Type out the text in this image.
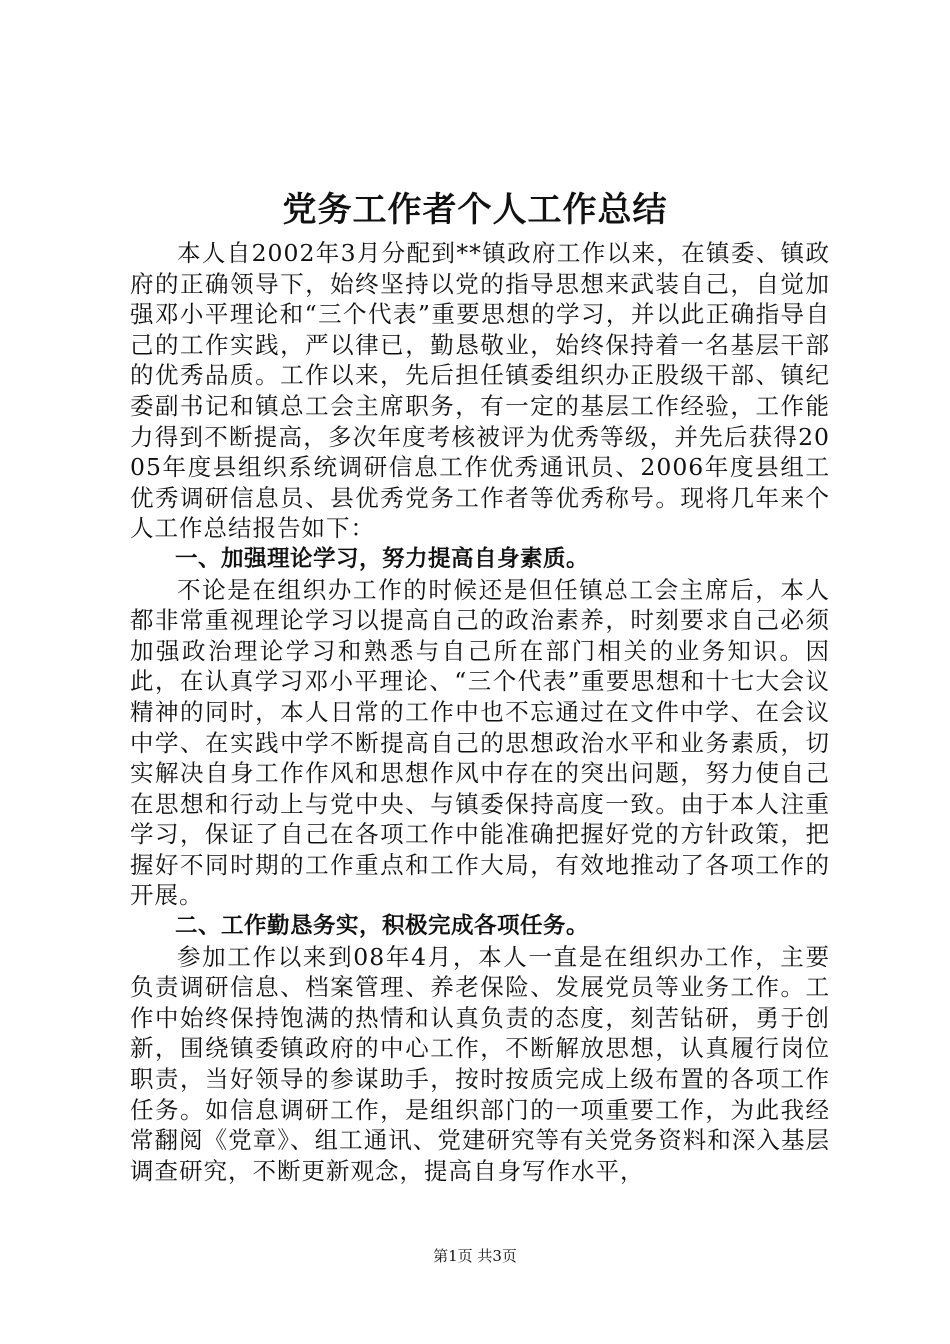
党务工作者个人工作总结

本人自2002年3月分配到**镇政府工作以来，在镇委、镇政府的正确领导下，始终坚持以党的指导思想来武装自己，自觉加强邓小平理论和“三个代表”重要思想的学习，并以此正确指导自己的工作实践，严以律已，勤恳敬业，始终保持着一名基层干部的优秀品质。工作以来，先后担任镇委组织办正股级干部、镇纪委副书记和镇总工会主席职务，有一定的基层工作经验，工作能力得到不断提高，多次年度考核被评为优秀等级，并先后获得2005年度县组织系统调研信息工作优秀通讯员、2006年度县组工优秀调研信息员、县优秀党务工作者等优秀称号。现将几年来个人工作总结报告如下：

一、加强理论学习，努力提高自身素质。

不论是在组织办工作的时候还是但任镇总工会主席后，本人都非常重视理论学习以提高自己的政治素养，时刻要求自己必须加强政治理论学习和熟悉与自己所在部门相关的业务知识。因此，在认真学习邓小平理论、“三个代表”重要思想和十七大会议精神的同时，本人日常的工作中也不忘通过在文件中学、在会议中学、在实践中学不断提高自己的思想政治水平和业务素质，切实解决自身工作作风和思想作风中存在的突出问题，努力使自己在思想和行动上与党中央、与镇委保持高度一致。由于本人注重学习，保证了自己在各项工作中能准确把握好党的方针政策，把握好不同时期的工作重点和工作大局，有效地推动了各项工作的开展。

二、工作勤恳务实，积极完成各项任务。

参加工作以来到08年4月，本人一直是在组织办工作，主要负责调研信息、档案管理、养老保险、发展党员等业务工作。工作中始终保持饱满的热情和认真负责的态度，刻苦钻研，勇于创新，围绕镇委镇政府的中心工作，不断解放思想，认真履行岗位职责，当好领导的参谋助手，按时按质完成上级布置的各项工作任务。如信息调研工作，是组织部门的一项重要工作，为此我经常翻阅《党章》、组工通讯、党建研究等有关党务资料和深入基层调查研究，不断更新观念，提高自身写作水平，

第1页 共3页
